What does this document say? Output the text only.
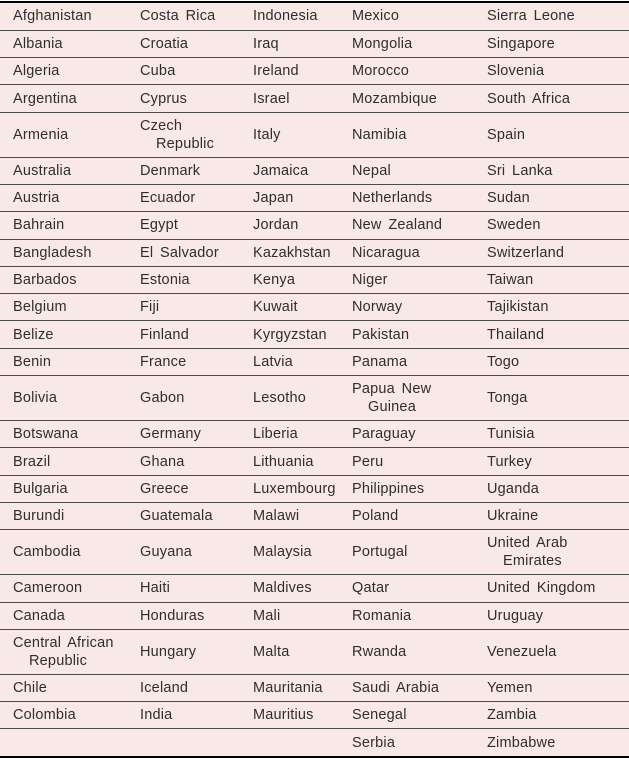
Afghanistan	Costa Rica	Indonesia	Mexico	Sierra Leone
Albania	Croatia	Iraq	Mongolia	Singapore
Algeria	Cuba	Ireland	Morocco	Slovenia
Argentina	Cyprus	Israel	Mozambique	South Africa
Armenia	Czech Republic	Italy	Namibia	Spain
Australia	Denmark	Jamaica	Nepal	Sri Lanka
Austria	Ecuador	Japan	Netherlands	Sudan
Bahrain	Egypt	Jordan	New Zealand	Sweden
Bangladesh	El Salvador	Kazakhstan	Nicaragua	Switzerland
Barbados	Estonia	Kenya	Niger	Taiwan
Belgium	Fiji	Kuwait	Norway	Tajikistan
Belize	Finland	Kyrgyzstan	Pakistan	Thailand
Benin	France	Latvia	Panama	Togo
Bolivia	Gabon	Lesotho	Papua New Guinea	Tonga
Botswana	Germany	Liberia	Paraguay	Tunisia
Brazil	Ghana	Lithuania	Peru	Turkey
Bulgaria	Greece	Luxembourg	Philippines	Uganda
Burundi	Guatemala	Malawi	Poland	Ukraine
Cambodia	Guyana	Malaysia	Portugal	United Arab Emirates
Cameroon	Haiti	Maldives	Qatar	United Kingdom
Canada	Honduras	Mali	Romania	Uruguay
Central African Republic	Hungary	Malta	Rwanda	Venezuela
Chile	Iceland	Mauritania	Saudi Arabia	Yemen
Colombia	India	Mauritius	Senegal	Zambia
			Serbia	Zimbabwe
